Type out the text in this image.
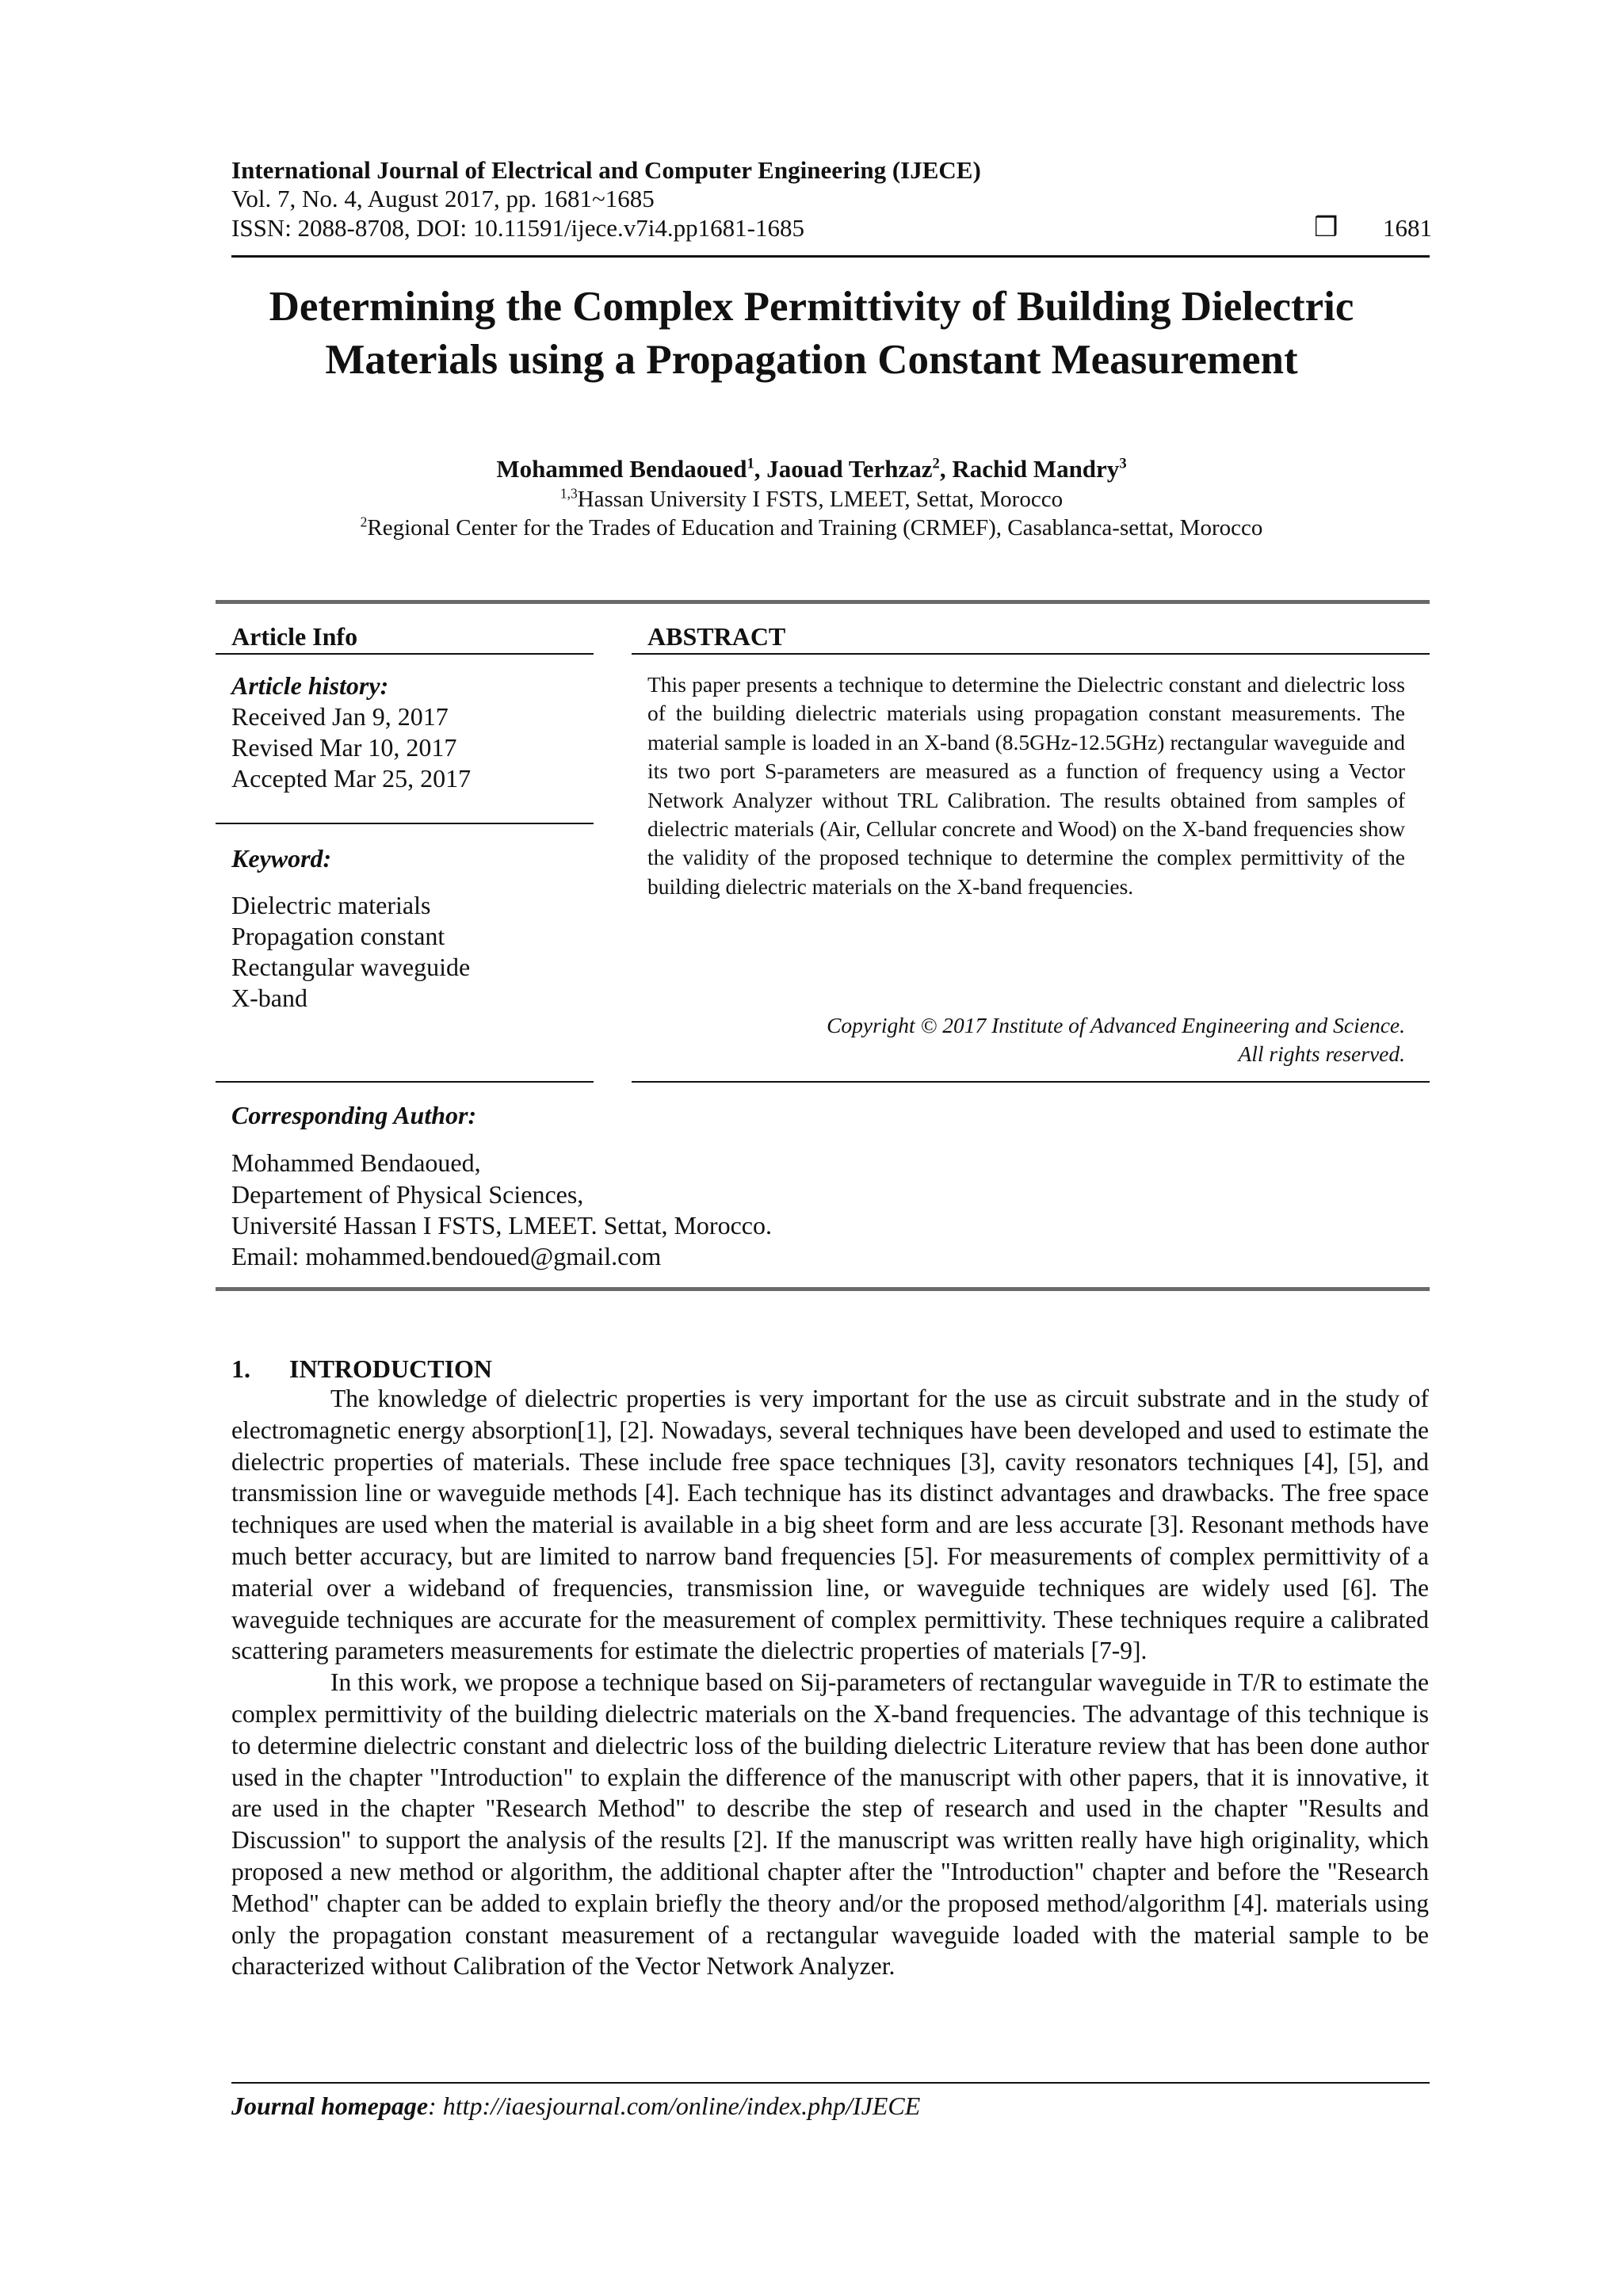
International Journal of Electrical and Computer Engineering (IJECE)
Vol. 7, No. 4, August 2017, pp. 1681~1685
ISSN: 2088-8708, DOI: 10.11591/ijece.v7i4.pp1681-1685	❒ 1681
Determining the Complex Permittivity of Building Dielectric
Materials using a Propagation Constant Measurement
Mohammed Bendaoued$^1$, Jaouad Terhzaz$^2$, Rachid Mandry$^3$
$^{1,3}$Hassan University I FSTS, LMEET, Settat, Morocco
$^2$Regional Center for the Trades of Education and Training (CRMEF), Casablanca-settat, Morocco
Article Info
Article history:
Received Jan 9, 2017
Revised Mar 10, 2017
Accepted Mar 25, 2017
Keyword:
Dielectric materials
Propagation constant
Rectangular waveguide
X-band
ABSTRACT
This paper presents a technique to determine the Dielectric constant and dielectric loss of the building dielectric materials using propagation constant measurements. The material sample is loaded in an X-band (8.5GHz-12.5GHz) rectangular waveguide and its two port S-parameters are measured as a function of frequency using a Vector Network Analyzer without TRL Calibration. The results obtained from samples of dielectric materials (Air, Cellular concrete and Wood) on the X-band frequencies show the validity of the proposed technique to determine the complex permittivity of the building dielectric materials on the X-band frequencies.
Copyright © 2017 Institute of Advanced Engineering and Science.
All rights reserved.
Corresponding Author:
Mohammed Bendaoued,
Departement of Physical Sciences,
Université Hassan I FSTS, LMEET. Settat, Morocco.
Email: mohammed.bendoued@gmail.com
1. INTRODUCTION

The knowledge of dielectric properties is very important for the use as circuit substrate and in the study of electromagnetic energy absorption[1], [2]. Nowadays, several techniques have been developed and used to estimate the dielectric properties of materials. These include free space techniques [3], cavity resonators techniques [4], [5], and transmission line or waveguide methods [4]. Each technique has its distinct advantages and drawbacks. The free space techniques are used when the material is available in a big sheet form and are less accurate [3]. Resonant methods have much better accuracy, but are limited to narrow band frequencies [5]. For measurements of complex permittivity of a material over a wideband of frequencies, transmission line, or waveguide techniques are widely used [6]. The waveguide techniques are accurate for the measurement of complex permittivity. These techniques require a calibrated scattering parameters measurements for estimate the dielectric properties of materials [7-9].

In this work, we propose a technique based on Sij-parameters of rectangular waveguide in T/R to estimate the complex permittivity of the building dielectric materials on the X-band frequencies. The advantage of this technique is to determine dielectric constant and dielectric loss of the building dielectric Literature review that has been done author used in the chapter "Introduction" to explain the difference of the manuscript with other papers, that it is innovative, it are used in the chapter "Research Method" to describe the step of research and used in the chapter "Results and Discussion" to support the analysis of the results [2]. If the manuscript was written really have high originality, which proposed a new method or algorithm, the additional chapter after the "Introduction" chapter and before the "Research Method" chapter can be added to explain briefly the theory and/or the proposed method/algorithm [4]. materials using only the propagation constant measurement of a rectangular waveguide loaded with the material sample to be characterized without Calibration of the Vector Network Analyzer.

Journal homepage: http://iaesjournal.com/online/index.php/IJECE
